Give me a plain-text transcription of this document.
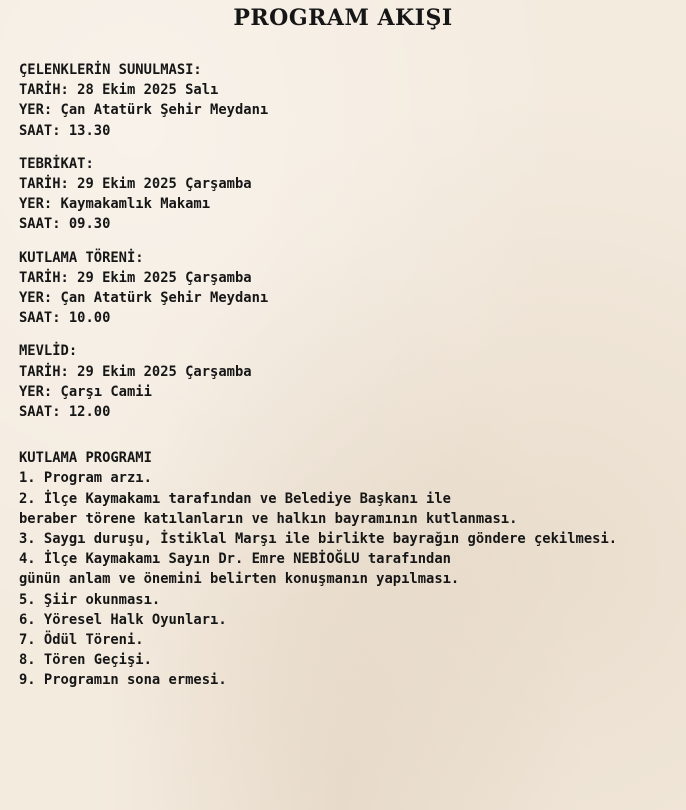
PROGRAM AKIŞI

ÇELENKLERİN SUNULMASI:

TARİH: 28 Ekim 2025 Salı

YER: Çan Atatürk Şehir Meydanı

SAAT: 13.30

TEBRİKAT:

TARİH: 29 Ekim 2025 Çarşamba

YER: Kaymakamlık Makamı

SAAT: 09.30

KUTLAMA TÖRENİ:

TARİH: 29 Ekim 2025 Çarşamba

YER: Çan Atatürk Şehir Meydanı

SAAT: 10.00

MEVLİD:

TARİH: 29 Ekim 2025 Çarşamba

YER: Çarşı Camii

SAAT: 12.00

KUTLAMA PROGRAMI

1. Program arzı.

2. İlçe Kaymakamı tarafından ve Belediye Başkanı ile

beraber törene katılanların ve halkın bayramının kutlanması.

3. Saygı duruşu, İstiklal Marşı ile birlikte bayrağın göndere çekilmesi.

4. İlçe Kaymakamı Sayın Dr. Emre NEBİOĞLU tarafından

günün anlam ve önemini belirten konuşmanın yapılması.

5. Şiir okunması.

6. Yöresel Halk Oyunları.

7. Ödül Töreni.

8. Tören Geçişi.

9. Programın sona ermesi.
